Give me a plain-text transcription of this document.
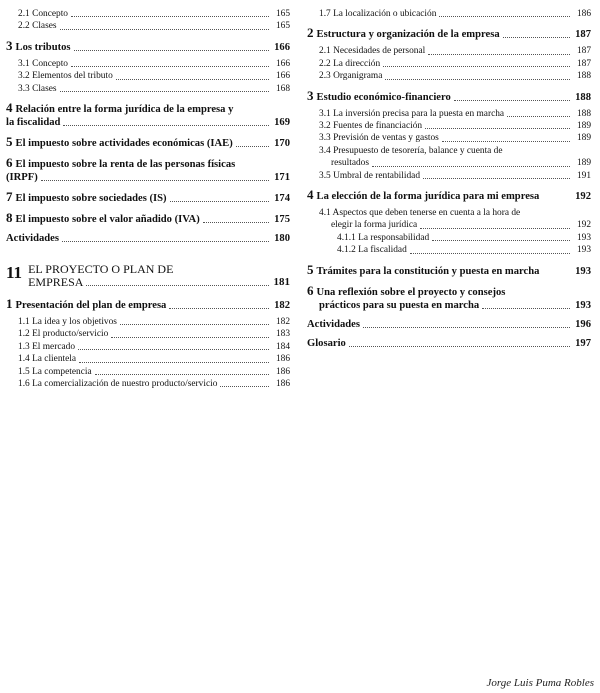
2.1 Concepto	165
2.2 Clases	165
3 Los tributos	166
3.1 Concepto	166
3.2 Elementos del tributo	166
3.3 Clases	168
4 Relación entre la forma jurídica de la empresa y
la fiscalidad	169
5 El impuesto sobre actividades económicas (IAE)	170
6 El impuesto sobre la renta de las personas físicas
(IRPF)	171
7 El impuesto sobre sociedades (IS)	174
8 El impuesto sobre el valor añadido (IVA)	175
Actividades	180
11 EL PROYECTO O PLAN DE
EMPRESA	181
1 Presentación del plan de empresa	182
1.1 La idea y los objetivos	182
1.2 El producto/servicio	183
1.3 El mercado	184
1.4 La clientela	186
1.5 La competencia	186
1.6 La comercialización de nuestro producto/servicio	186
1.7 La localización o ubicación	186
2 Estructura y organización de la empresa	187
2.1 Necesidades de personal	187
2.2 La dirección	187
2.3 Organigrama	188
3 Estudio económico-financiero	188
3.1 La inversión precisa para la puesta en marcha	188
3.2 Fuentes de financiación	189
3.3 Previsión de ventas y gastos	189
3.4 Presupuesto de tesorería, balance y cuenta de
resultados	189
3.5 Umbral de rentabilidad	191
4 La elección de la forma jurídica para mi empresa	192
4.1 Aspectos que deben tenerse en cuenta a la hora de
elegir la forma jurídica	192
4.1.1 La responsabilidad	193
4.1.2 La fiscalidad	193
5 Trámites para la constitución y puesta en marcha	193
6 Una reflexión sobre el proyecto y consejos
prácticos para su puesta en marcha	193
Actividades	196
Glosario	197
Jorge Luis Puma Robles
